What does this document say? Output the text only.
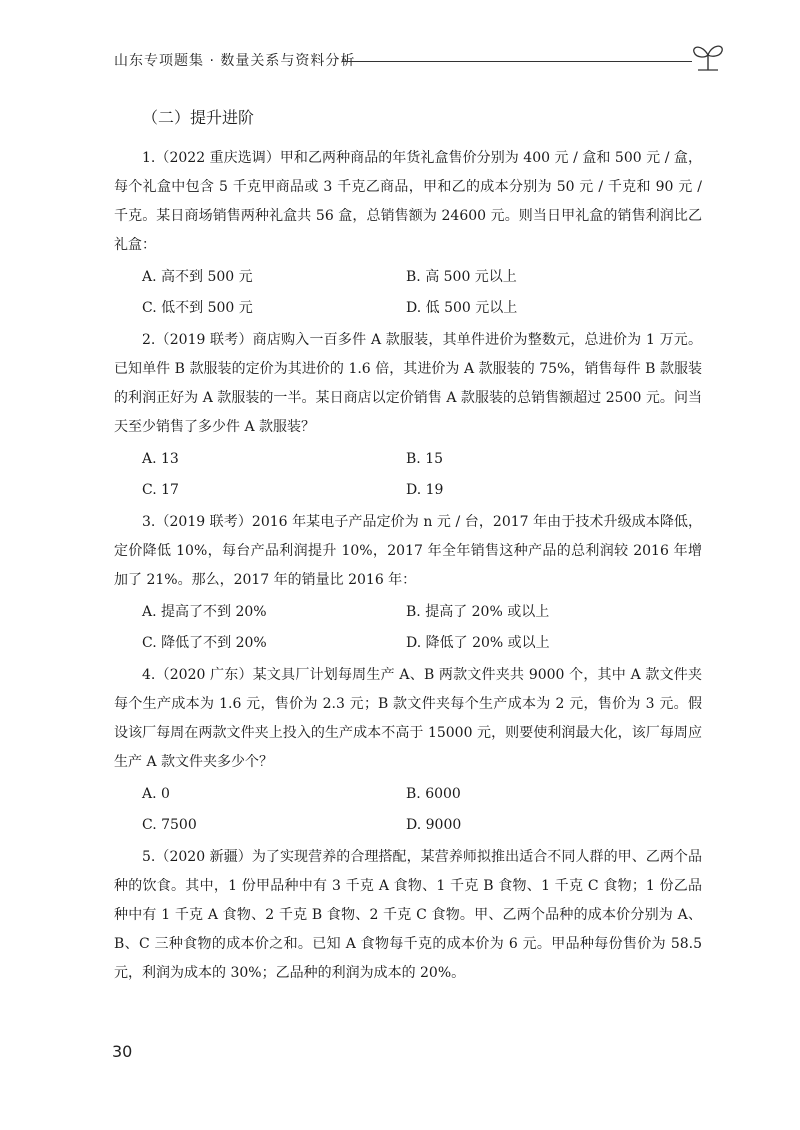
山东专项题集 · 数量关系与资料分析
（二）提升进阶

1.（2022 重庆选调）甲和乙两种商品的年货礼盒售价分别为 400 元 / 盒和 500 元 / 盒，每个礼盒中包含 5 千克甲商品或 3 千克乙商品，甲和乙的成本分别为 50 元 / 千克和 90 元 / 千克。某日商场销售两种礼盒共 56 盒，总销售额为 24600 元。则当日甲礼盒的销售利润比乙礼盒：

A. 高不到 500 元	B. 高 500 元以上
C. 低不到 500 元	D. 低 500 元以上

2.（2019 联考）商店购入一百多件 A 款服装，其单件进价为整数元，总进价为 1 万元。已知单件 B 款服装的定价为其进价的 1.6 倍，其进价为 A 款服装的 75%，销售每件 B 款服装的利润正好为 A 款服装的一半。某日商店以定价销售 A 款服装的总销售额超过 2500 元。问当天至少销售了多少件 A 款服装？

A. 13	B. 15
C. 17	D. 19

3.（2019 联考）2016 年某电子产品定价为 n 元 / 台，2017 年由于技术升级成本降低，定价降低 10%，每台产品利润提升 10%，2017 年全年销售这种产品的总利润较 2016 年增加了 21%。那么，2017 年的销量比 2016 年：

A. 提高了不到 20%	B. 提高了 20% 或以上
C. 降低了不到 20%	D. 降低了 20% 或以上

4.（2020 广东）某文具厂计划每周生产 A、B 两款文件夹共 9000 个，其中 A 款文件夹每个生产成本为 1.6 元，售价为 2.3 元；B 款文件夹每个生产成本为 2 元，售价为 3 元。假设该厂每周在两款文件夹上投入的生产成本不高于 15000 元，则要使利润最大化，该厂每周应生产 A 款文件夹多少个？

A. 0	B. 6000
C. 7500	D. 9000

5.（2020 新疆）为了实现营养的合理搭配，某营养师拟推出适合不同人群的甲、乙两个品种的饮食。其中，1 份甲品种中有 3 千克 A 食物、1 千克 B 食物、1 千克 C 食物；1 份乙品种中有 1 千克 A 食物、2 千克 B 食物、2 千克 C 食物。甲、乙两个品种的成本价分别为 A、B、C 三种食物的成本价之和。已知 A 食物每千克的成本价为 6 元。甲品种每份售价为 58.5 元，利润为成本的 30%；乙品种的利润为成本的 20%。

30
